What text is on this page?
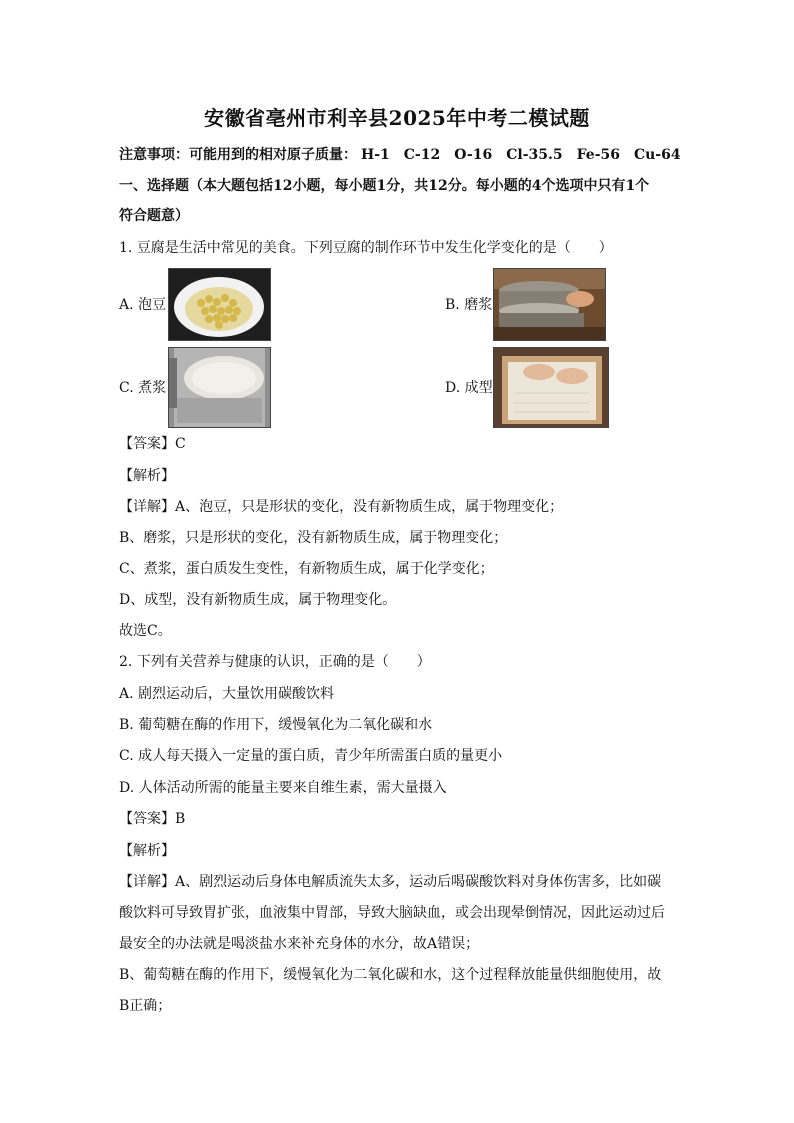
安徽省亳州市利辛县2025年中考二模试题
注意事项：可能用到的相对原子质量： H-1 C-12 O-16 Cl-35.5 Fe-56 Cu-64
一、选择题（本大题包括12小题，每小题1分，共12分。每小题的4个选项中只有1个
符合题意）
1. 豆腐是生活中常见的美食。下列豆腐的制作环节中发生化学变化的是（　　）
A. 泡豆	B. 磨浆
C. 煮浆	D. 成型
【答案】C
【解析】
【详解】A、泡豆，只是形状的变化，没有新物质生成，属于物理变化；
B、磨浆，只是形状的变化，没有新物质生成，属于物理变化；
C、煮浆，蛋白质发生变性，有新物质生成，属于化学变化；
D、成型，没有新物质生成，属于物理变化。
故选C。
2. 下列有关营养与健康的认识，正确的是（　　）
A. 剧烈运动后，大量饮用碳酸饮料
B. 葡萄糖在酶的作用下，缓慢氧化为二氧化碳和水
C. 成人每天摄入一定量的蛋白质，青少年所需蛋白质的量更小
D. 人体活动所需的能量主要来自维生素，需大量摄入
【答案】B
【解析】
【详解】A、剧烈运动后身体电解质流失太多，运动后喝碳酸饮料对身体伤害多，比如碳
酸饮料可导致胃扩张，血液集中胃部，导致大脑缺血，或会出现晕倒情况，因此运动过后
最安全的办法就是喝淡盐水来补充身体的水分，故A错误；
B、葡萄糖在酶的作用下，缓慢氧化为二氧化碳和水，这个过程释放能量供细胞使用，故
B正确；
